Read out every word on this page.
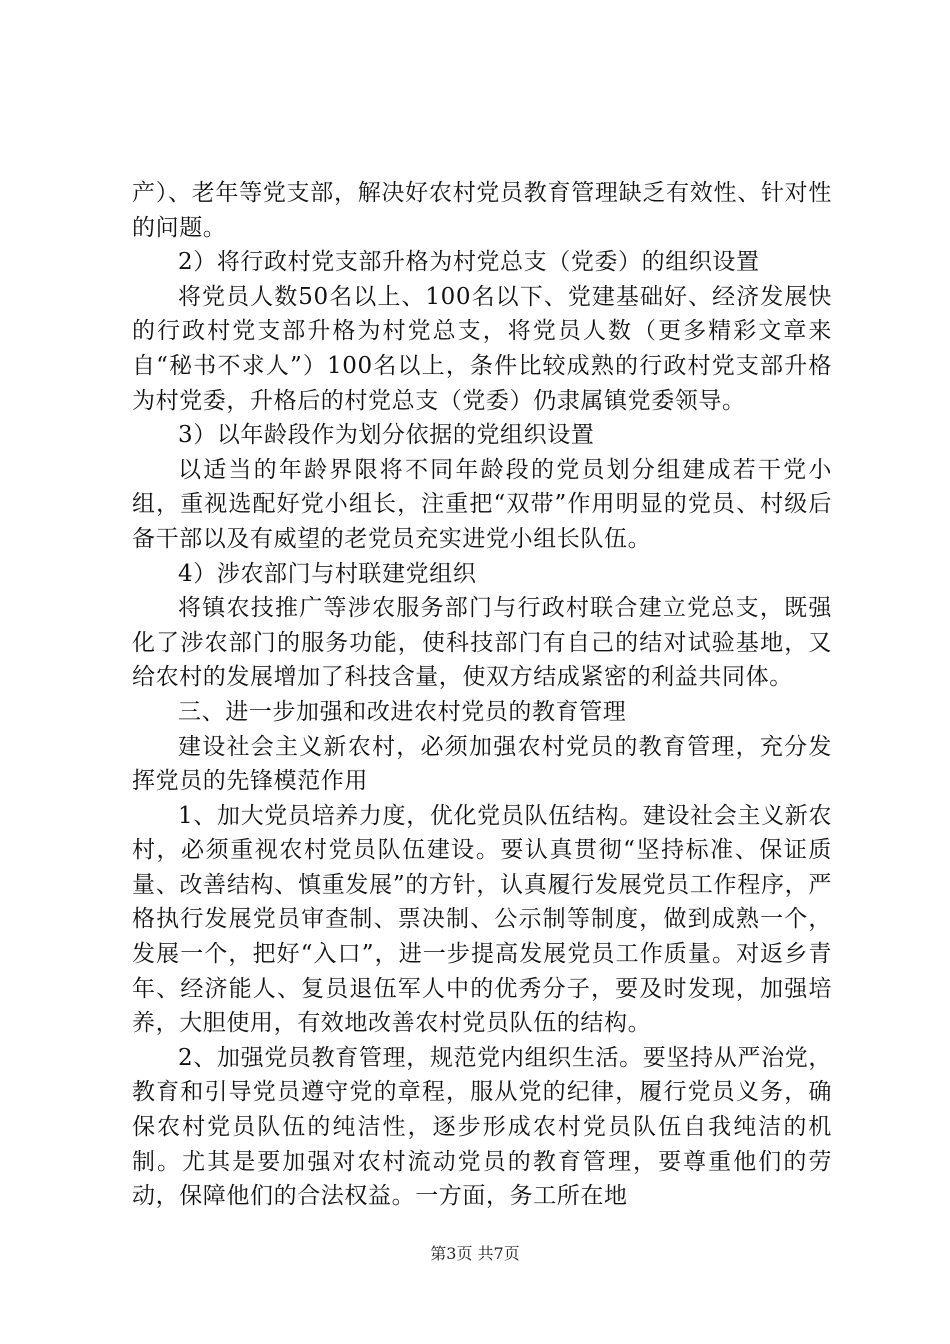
产）、老年等党支部，解决好农村党员教育管理缺乏有效性、针对性的问题。

2）将行政村党支部升格为村党总支（党委）的组织设置

将党员人数50名以上、100名以下、党建基础好、经济发展快的行政村党支部升格为村党总支，将党员人数（更多精彩文章来自“秘书不求人”）100名以上，条件比较成熟的行政村党支部升格为村党委，升格后的村党总支（党委）仍隶属镇党委领导。

3）以年龄段作为划分依据的党组织设置

以适当的年龄界限将不同年龄段的党员划分组建成若干党小组，重视选配好党小组长，注重把“双带”作用明显的党员、村级后备干部以及有威望的老党员充实进党小组长队伍。

4）涉农部门与村联建党组织

将镇农技推广等涉农服务部门与行政村联合建立党总支，既强化了涉农部门的服务功能，使科技部门有自己的结对试验基地，又给农村的发展增加了科技含量，使双方结成紧密的利益共同体。

三、进一步加强和改进农村党员的教育管理

建设社会主义新农村，必须加强农村党员的教育管理，充分发挥党员的先锋模范作用

1、加大党员培养力度，优化党员队伍结构。建设社会主义新农村，必须重视农村党员队伍建设。要认真贯彻“坚持标准、保证质量、改善结构、慎重发展”的方针，认真履行发展党员工作程序，严格执行发展党员审查制、票决制、公示制等制度，做到成熟一个，发展一个，把好“入口”，进一步提高发展党员工作质量。对返乡青年、经济能人、复员退伍军人中的优秀分子，要及时发现，加强培养，大胆使用，有效地改善农村党员队伍的结构。

2、加强党员教育管理，规范党内组织生活。要坚持从严治党，教育和引导党员遵守党的章程，服从党的纪律，履行党员义务，确保农村党员队伍的纯洁性，逐步形成农村党员队伍自我纯洁的机制。尤其是要加强对农村流动党员的教育管理，要尊重他们的劳动，保障他们的合法权益。一方面，务工所在地

第3页 共7页
